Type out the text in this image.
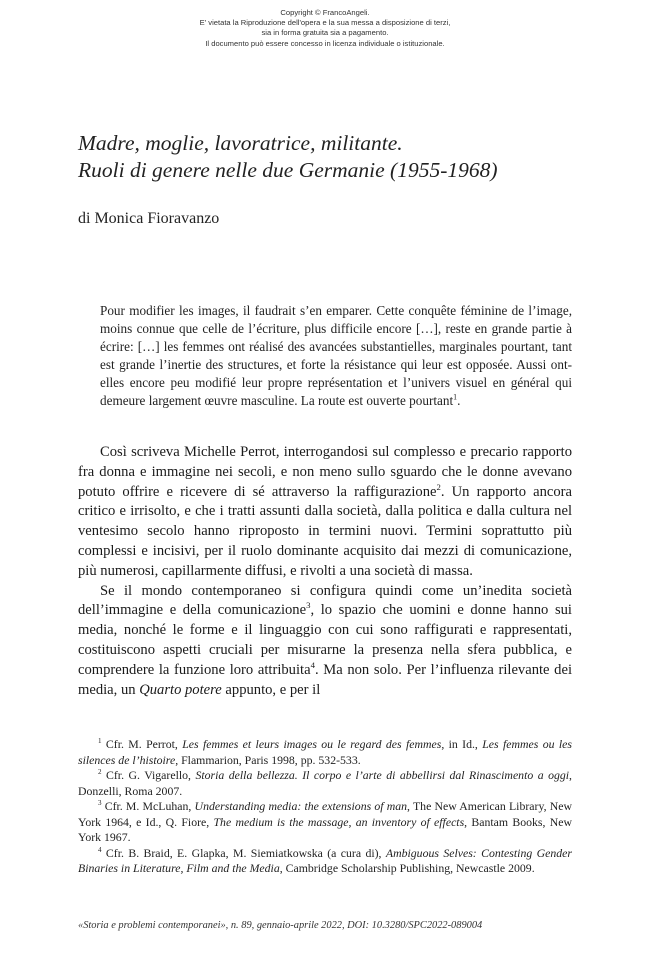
Copyright © FrancoAngeli.
E' vietata la Riproduzione dell'opera e la sua messa a disposizione di terzi,
sia in forma gratuita sia a pagamento.
Il documento può essere concesso in licenza individuale o istituzionale.
Madre, moglie, lavoratrice, militante.
Ruoli di genere nelle due Germanie (1955-1968)
di Monica Fioravanzo
Pour modifier les images, il faudrait s’en emparer. Cette conquête féminine de l’image, moins connue que celle de l’écriture, plus difficile encore […], reste en grande partie à écrire: […] les femmes ont réalisé des avancées substantielles, marginales pourtant, tant est grande l’inertie des structures, et forte la résistance qui leur est opposée. Aussi ont-elles encore peu modifié leur propre représentation et l’univers visuel en général qui demeure largement œuvre masculine. La route est ouverte pourtant$^1$.

Così scriveva Michelle Perrot, interrogandosi sul complesso e precario rapporto fra donna e immagine nei secoli, e non meno sullo sguardo che le donne avevano potuto offrire e ricevere di sé attraverso la raffigurazione$^2$. Un rapporto ancora critico e irrisolto, e che i tratti assunti dalla società, dalla politica e dalla cultura nel ventesimo secolo hanno riproposto in termini nuovi. Termini soprattutto più complessi e incisivi, per il ruolo dominante acquisito dai mezzi di comunicazione, più numerosi, capillarmente diffusi, e rivolti a una società di massa.

Se il mondo contemporaneo si configura quindi come un’inedita società dell’immagine e della comunicazione$^3$, lo spazio che uomini e donne hanno sui media, nonché le forme e il linguaggio con cui sono raffigurati e rappresentati, costituiscono aspetti cruciali per misurarne la presenza nella sfera pubblica, e comprendere la funzione loro attribuita$^4$. Ma non solo. Per l’influenza rilevante dei media, un Quarto potere appunto, e per il

$^1$ Cfr. M. Perrot, Les femmes et leurs images ou le regard des femmes, in Id., Les femmes ou les silences de l’histoire, Flammarion, Paris 1998, pp. 532-533.

$^2$ Cfr. G. Vigarello, Storia della bellezza. Il corpo e l’arte di abbellirsi dal Rinascimento a oggi, Donzelli, Roma 2007.

$^3$ Cfr. M. McLuhan, Understanding media: the extensions of man, The New American Library, New York 1964, e Id., Q. Fiore, The medium is the massage, an inventory of effects, Bantam Books, New York 1967.

$^4$ Cfr. B. Braid, E. Glapka, M. Siemiatkowska (a cura di), Ambiguous Selves: Contesting Gender Binaries in Literature, Film and the Media, Cambridge Scholarship Publishing, Newcastle 2009.

«Storia e problemi contemporanei», n. 89, gennaio-aprile 2022, DOI: 10.3280/SPC2022-089004
